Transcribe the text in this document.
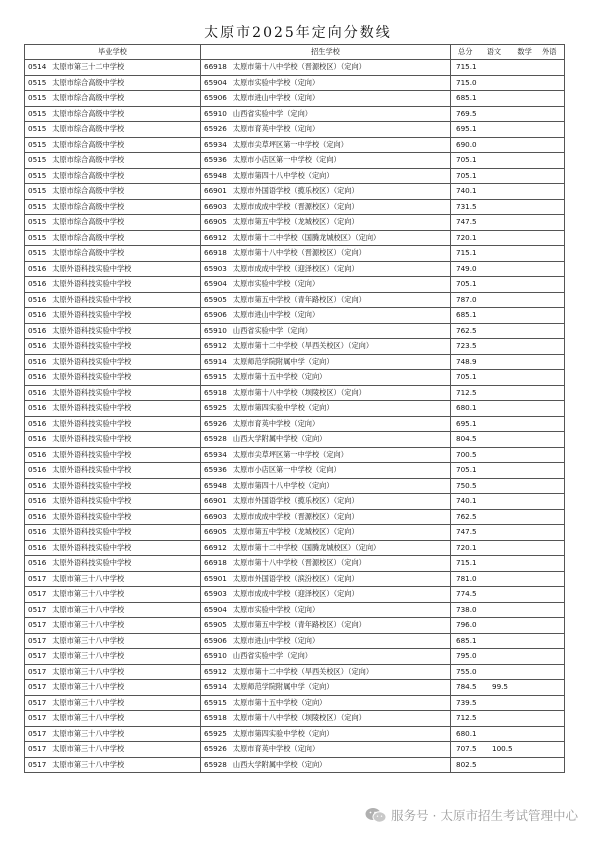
太原市2025年定向分数线
毕业学校	招生学校	总分 语文 数学 外语
0514 太原市第三十二中学校	66918 太原市第十八中学校（晋源校区）（定向）	715.1
0515 太原市综合高级中学校	65904 太原市实验中学校（定向）	715.0
0515 太原市综合高级中学校	65906 太原市进山中学校（定向）	685.1
0515 太原市综合高级中学校	65910 山西省实验中学（定向）	769.5
0515 太原市综合高级中学校	65926 太原市育英中学校（定向）	695.1
0515 太原市综合高级中学校	65934 太原市尖草坪区第一中学校（定向）	690.0
0515 太原市综合高级中学校	65936 太原市小店区第一中学校（定向）	705.1
0515 太原市综合高级中学校	65948 太原市第四十八中学校（定向）	705.1
0515 太原市综合高级中学校	66901 太原市外国语学校（揽乐校区）（定向）	740.1
0515 太原市综合高级中学校	66903 太原市成成中学校（晋源校区）（定向）	731.5
0515 太原市综合高级中学校	66905 太原市第五中学校（龙城校区）（定向）	747.5
0515 太原市综合高级中学校	66912 太原市第十二中学校（国腾龙城校区）（定向）	720.1
0515 太原市综合高级中学校	66918 太原市第十八中学校（晋源校区）（定向）	715.1
0516 太原外语科技实验中学校	65903 太原市成成中学校（迎泽校区）（定向）	749.0
0516 太原外语科技实验中学校	65904 太原市实验中学校（定向）	705.1
0516 太原外语科技实验中学校	65905 太原市第五中学校（青年路校区）（定向）	787.0
0516 太原外语科技实验中学校	65906 太原市进山中学校（定向）	685.1
0516 太原外语科技实验中学校	65910 山西省实验中学（定向）	762.5
0516 太原外语科技实验中学校	65912 太原市第十二中学校（旱西关校区）（定向）	723.5
0516 太原外语科技实验中学校	65914 太原师范学院附属中学（定向）	748.9
0516 太原外语科技实验中学校	65915 太原市第十五中学校（定向）	705.1
0516 太原外语科技实验中学校	65918 太原市第十八中学校（坝陵校区）（定向）	712.5
0516 太原外语科技实验中学校	65925 太原市第四实验中学校（定向）	680.1
0516 太原外语科技实验中学校	65926 太原市育英中学校（定向）	695.1
0516 太原外语科技实验中学校	65928 山西大学附属中学校（定向）	804.5
0516 太原外语科技实验中学校	65934 太原市尖草坪区第一中学校（定向）	700.5
0516 太原外语科技实验中学校	65936 太原市小店区第一中学校（定向）	705.1
0516 太原外语科技实验中学校	65948 太原市第四十八中学校（定向）	750.5
0516 太原外语科技实验中学校	66901 太原市外国语学校（揽乐校区）（定向）	740.1
0516 太原外语科技实验中学校	66903 太原市成成中学校（晋源校区）（定向）	762.5
0516 太原外语科技实验中学校	66905 太原市第五中学校（龙城校区）（定向）	747.5
0516 太原外语科技实验中学校	66912 太原市第十二中学校（国腾龙城校区）（定向）	720.1
0516 太原外语科技实验中学校	66918 太原市第十八中学校（晋源校区）（定向）	715.1
0517 太原市第三十八中学校	65901 太原市外国语学校（滨汾校区）（定向）	781.0
0517 太原市第三十八中学校	65903 太原市成成中学校（迎泽校区）（定向）	774.5
0517 太原市第三十八中学校	65904 太原市实验中学校（定向）	738.0
0517 太原市第三十八中学校	65905 太原市第五中学校（青年路校区）（定向）	796.0
0517 太原市第三十八中学校	65906 太原市进山中学校（定向）	685.1
0517 太原市第三十八中学校	65910 山西省实验中学（定向）	795.0
0517 太原市第三十八中学校	65912 太原市第十二中学校（旱西关校区）（定向）	755.0
0517 太原市第三十八中学校	65914 太原师范学院附属中学（定向）	784.5 99.5
0517 太原市第三十八中学校	65915 太原市第十五中学校（定向）	739.5
0517 太原市第三十八中学校	65918 太原市第十八中学校（坝陵校区）（定向）	712.5
0517 太原市第三十八中学校	65925 太原市第四实验中学校（定向）	680.1
0517 太原市第三十八中学校	65926 太原市育英中学校（定向）	707.5 100.5
0517 太原市第三十八中学校	65928 山西大学附属中学校（定向）	802.5
服务号 · 太原市招生考试管理中心
